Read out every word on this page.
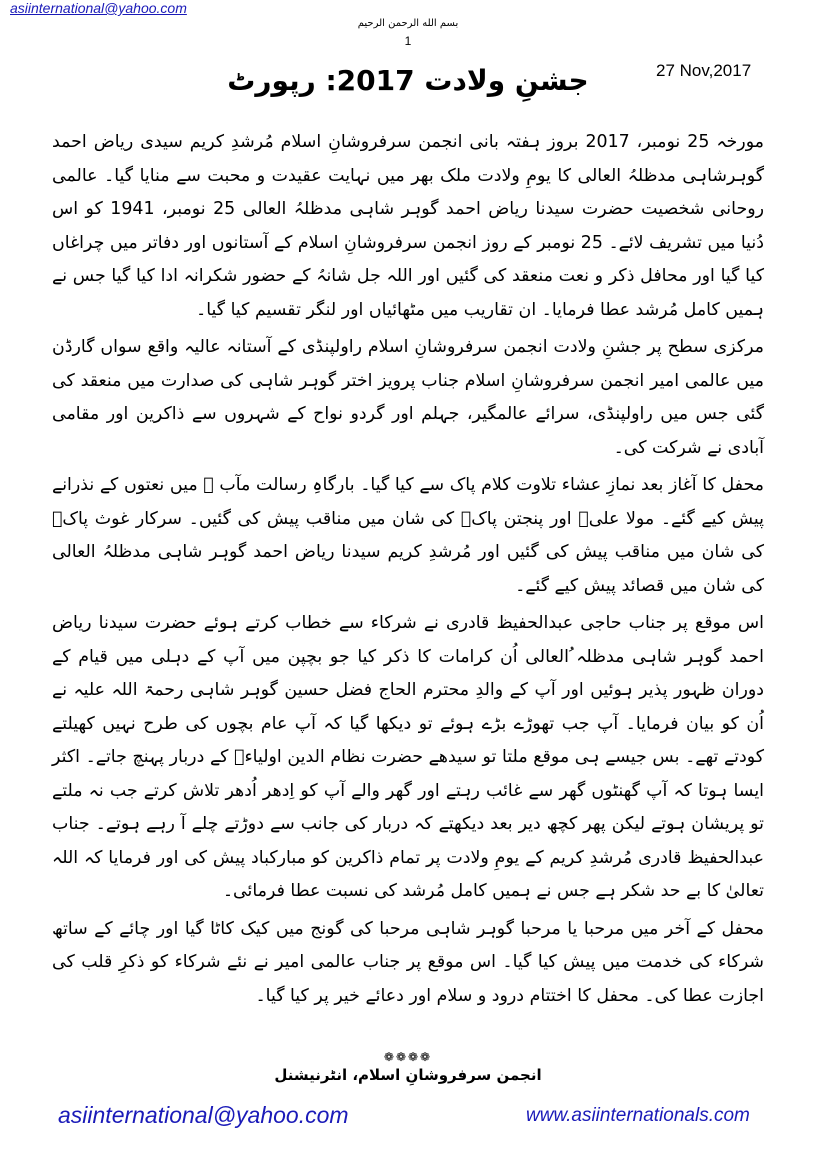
asiinternational@yahoo.com
بسم الله الرحمن الرحیم
1
27 Nov,2017
جشنِ ولادت 2017: رپورٹ

مورخہ 25 نومبر، 2017 بروز ہفتہ بانی انجمن سرفروشانِ اسلام مُرشدِ کریم سیدی ریاض احمد گوہرشاہی مدظلہُ العالی کا یومِ ولادت ملک بھر میں نہایت عقیدت و محبت سے منایا گیا۔ عالمی روحانی شخصیت حضرت سیدنا ریاض احمد گوہر شاہی مدظلہُ العالی 25 نومبر، 1941 کو اس دُنیا میں تشریف لائے۔ 25 نومبر کے روز انجمن سرفروشانِ اسلام کے آستانوں اور دفاتر میں چراغاں کیا گیا اور محافل ذکر و نعت منعقد کی گئیں اور اللہ جل شانہُ کے حضور شکرانہ ادا کیا گیا جس نے ہمیں کامل مُرشد عطا فرمایا۔ ان تقاریب میں مٹھائیاں اور لنگر تقسیم کیا گیا۔

مرکزی سطح پر جشنِ ولادت انجمن سرفروشانِ اسلام راولپنڈی کے آستانہ عالیہ واقع سواں گارڈن میں عالمی امیر انجمن سرفروشانِ اسلام جناب پرویز اختر گوہر شاہی کی صدارت میں منعقد کی گئی جس میں راولپنڈی، سرائے عالمگیر، جہلم اور گردو نواح کے شہروں سے ذاکرین اور مقامی آبادی نے شرکت کی۔

محفل کا آغاز بعد نمازِ عشاء تلاوت کلام پاک سے کیا گیا۔ بارگاہِ رسالت مآب ﷺ میں نعتوں کے نذرانے پیش کیے گئے۔ مولا علیؑ اور پنجتن پاکؑ کی شان میں مناقب پیش کی گئیں۔ سرکار غوث پاکؒ کی شان میں مناقب پیش کی گئیں اور مُرشدِ کریم سیدنا ریاض احمد گوہر شاہی مدظلہُ العالی کی شان میں قصائد پیش کیے گئے۔

اس موقع پر جناب حاجی عبدالحفیظ قادری نے شرکاء سے خطاب کرتے ہوئے حضرت سیدنا ریاض احمد گوہر شاہی مدظلہ ُالعالی اُن کرامات کا ذکر کیا جو بچپن میں آپ کے دہلی میں قیام کے دوران ظہور پذیر ہوئیں اور آپ کے والدِ محترم الحاج فضل حسین گوہر شاہی رحمۃ اللہ علیہ نے اُن کو بیان فرمایا۔ آپ جب تھوڑے بڑے ہوئے تو دیکھا گیا کہ آپ عام بچوں کی طرح نہیں کھیلتے کودتے تھے۔ بس جیسے ہی موقع ملتا تو سیدھے حضرت نظام الدین اولیاءؒ کے دربار پہنچ جاتے۔ اکثر ایسا ہوتا کہ آپ گھنٹوں گھر سے غائب رہتے اور گھر والے آپ کو اِدھر اُدھر تلاش کرتے جب نہ ملتے تو پریشان ہوتے لیکن پھر کچھ دیر بعد دیکھتے کہ دربار کی جانب سے دوڑتے چلے آ رہے ہوتے۔ جناب عبدالحفیظ قادری مُرشدِ کریم کے یومِ ولادت پر تمام ذاکرین کو مبارکباد پیش کی اور فرمایا کہ اللہ تعالیٰ کا بے حد شکر ہے جس نے ہمیں کامل مُرشد کی نسبت عطا فرمائی۔

محفل کے آخر میں مرحبا یا مرحبا گوہر شاہی مرحبا کی گونج میں کیک کاٹا گیا اور چائے کے ساتھ شرکاء کی خدمت میں پیش کیا گیا۔ اس موقع پر جناب عالمی امیر نے نئے شرکاء کو ذکرِ قلب کی اجازت عطا کی۔ محفل کا اختتام درود و سلام اور دعائے خیر پر کیا گیا۔

❁❁❁❁
انجمن سرفروشانِ اسلام، انٹرنیشنل
asiinternational@yahoo.com	www.asiinternationals.com
